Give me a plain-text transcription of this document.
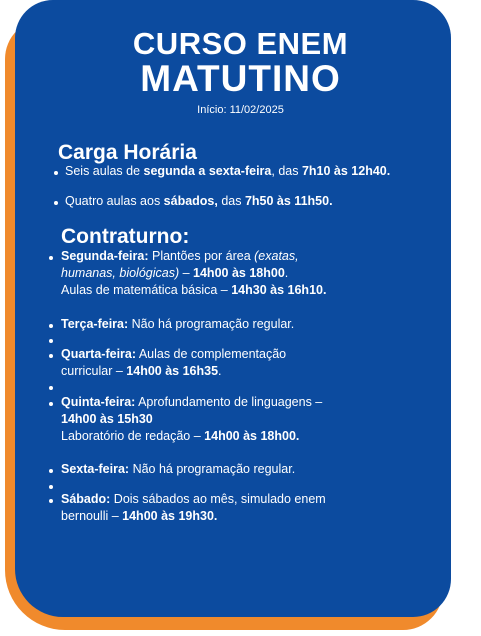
CURSO ENEM
MATUTINO
Início: 11/02/2025
Carga Horária
Seis aulas de segunda a sexta-feira, das 7h10 às 12h40.
Quatro aulas aos sábados, das 7h50 às 11h50.
Contraturno:
Segunda-feira: Plantões por área (exatas,
humanas, biológicas) – 14h00 às 18h00.
Aulas de matemática básica – 14h30 às 16h10.
Terça-feira: Não há programação regular.
Quarta-feira: Aulas de complementação
curricular – 14h00 às 16h35.
Quinta-feira: Aprofundamento de linguagens –
14h00 às 15h30
Laboratório de redação – 14h00 às 18h00.
Sexta-feira: Não há programação regular.
Sábado: Dois sábados ao mês, simulado enem
bernoulli – 14h00 às 19h30.
